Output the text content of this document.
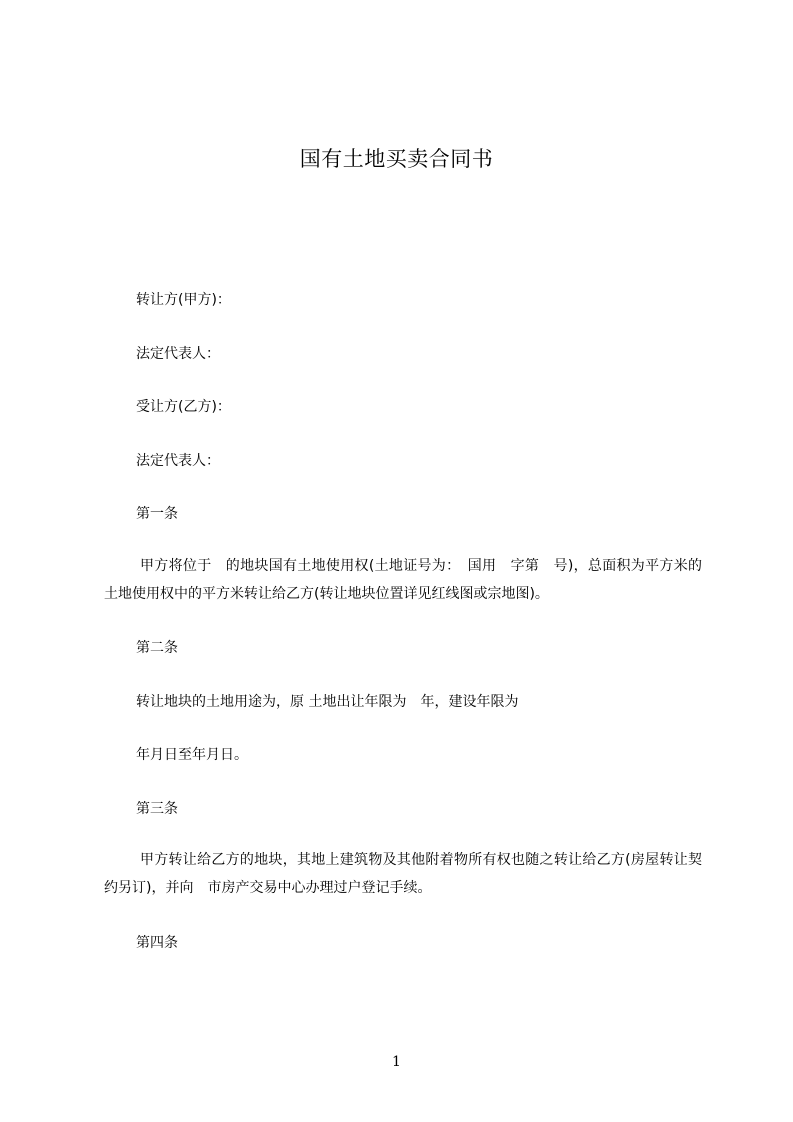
国有土地买卖合同书
转让方(甲方)：
法定代表人：
受让方(乙方)：
法定代表人：
第一条
甲方将位于　的地块国有土地使用权(土地证号为：　国用　字第　号)，总面积为平方米的土地使用权中的平方米转让给乙方(转让地块位置详见红线图或宗地图)。
第二条
转让地块的土地用途为，原 土地出让年限为　年，建设年限为
年月日至年月日。
第三条
甲方转让给乙方的地块，其地上建筑物及其他附着物所有权也随之转让给乙方(房屋转让契约另订)，并向　市房产交易中心办理过户登记手续。
第四条
1
